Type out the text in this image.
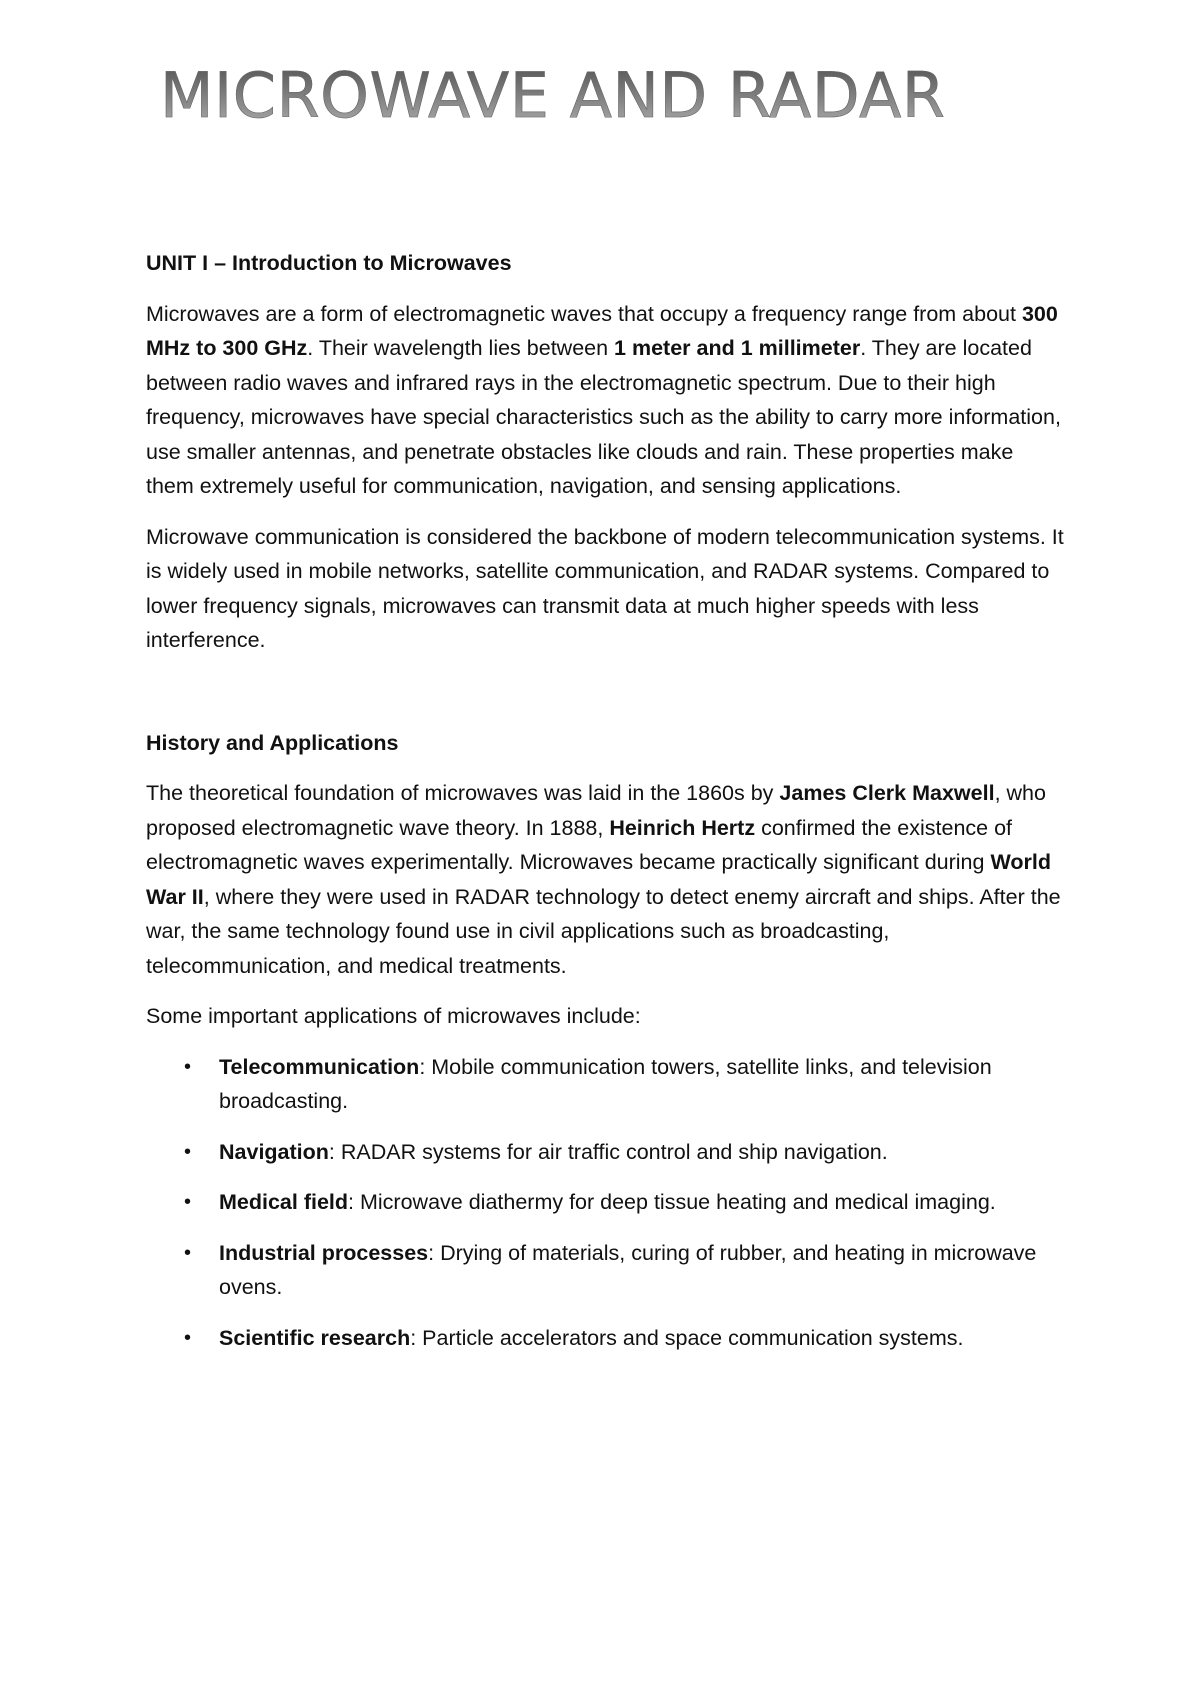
MICROWAVE AND RADAR
UNIT I – Introduction to Microwaves

Microwaves are a form of electromagnetic waves that occupy a frequency range from about 300 MHz to 300 GHz. Their wavelength lies between 1 meter and 1 millimeter. They are located between radio waves and infrared rays in the electromagnetic spectrum. Due to their high frequency, microwaves have special characteristics such as the ability to carry more information, use smaller antennas, and penetrate obstacles like clouds and rain. These properties make them extremely useful for communication, navigation, and sensing applications.

Microwave communication is considered the backbone of modern telecommunication systems. It is widely used in mobile networks, satellite communication, and RADAR systems. Compared to lower frequency signals, microwaves can transmit data at much higher speeds with less interference.

History and Applications

The theoretical foundation of microwaves was laid in the 1860s by James Clerk Maxwell, who proposed electromagnetic wave theory. In 1888, Heinrich Hertz confirmed the existence of electromagnetic waves experimentally. Microwaves became practically significant during World War II, where they were used in RADAR technology to detect enemy aircraft and ships. After the war, the same technology found use in civil applications such as broadcasting, telecommunication, and medical treatments.

Some important applications of microwaves include:

• Telecommunication: Mobile communication towers, satellite links, and television broadcasting.
• Navigation: RADAR systems for air traffic control and ship navigation.
• Medical field: Microwave diathermy for deep tissue heating and medical imaging.
• Industrial processes: Drying of materials, curing of rubber, and heating in microwave ovens.
• Scientific research: Particle accelerators and space communication systems.
